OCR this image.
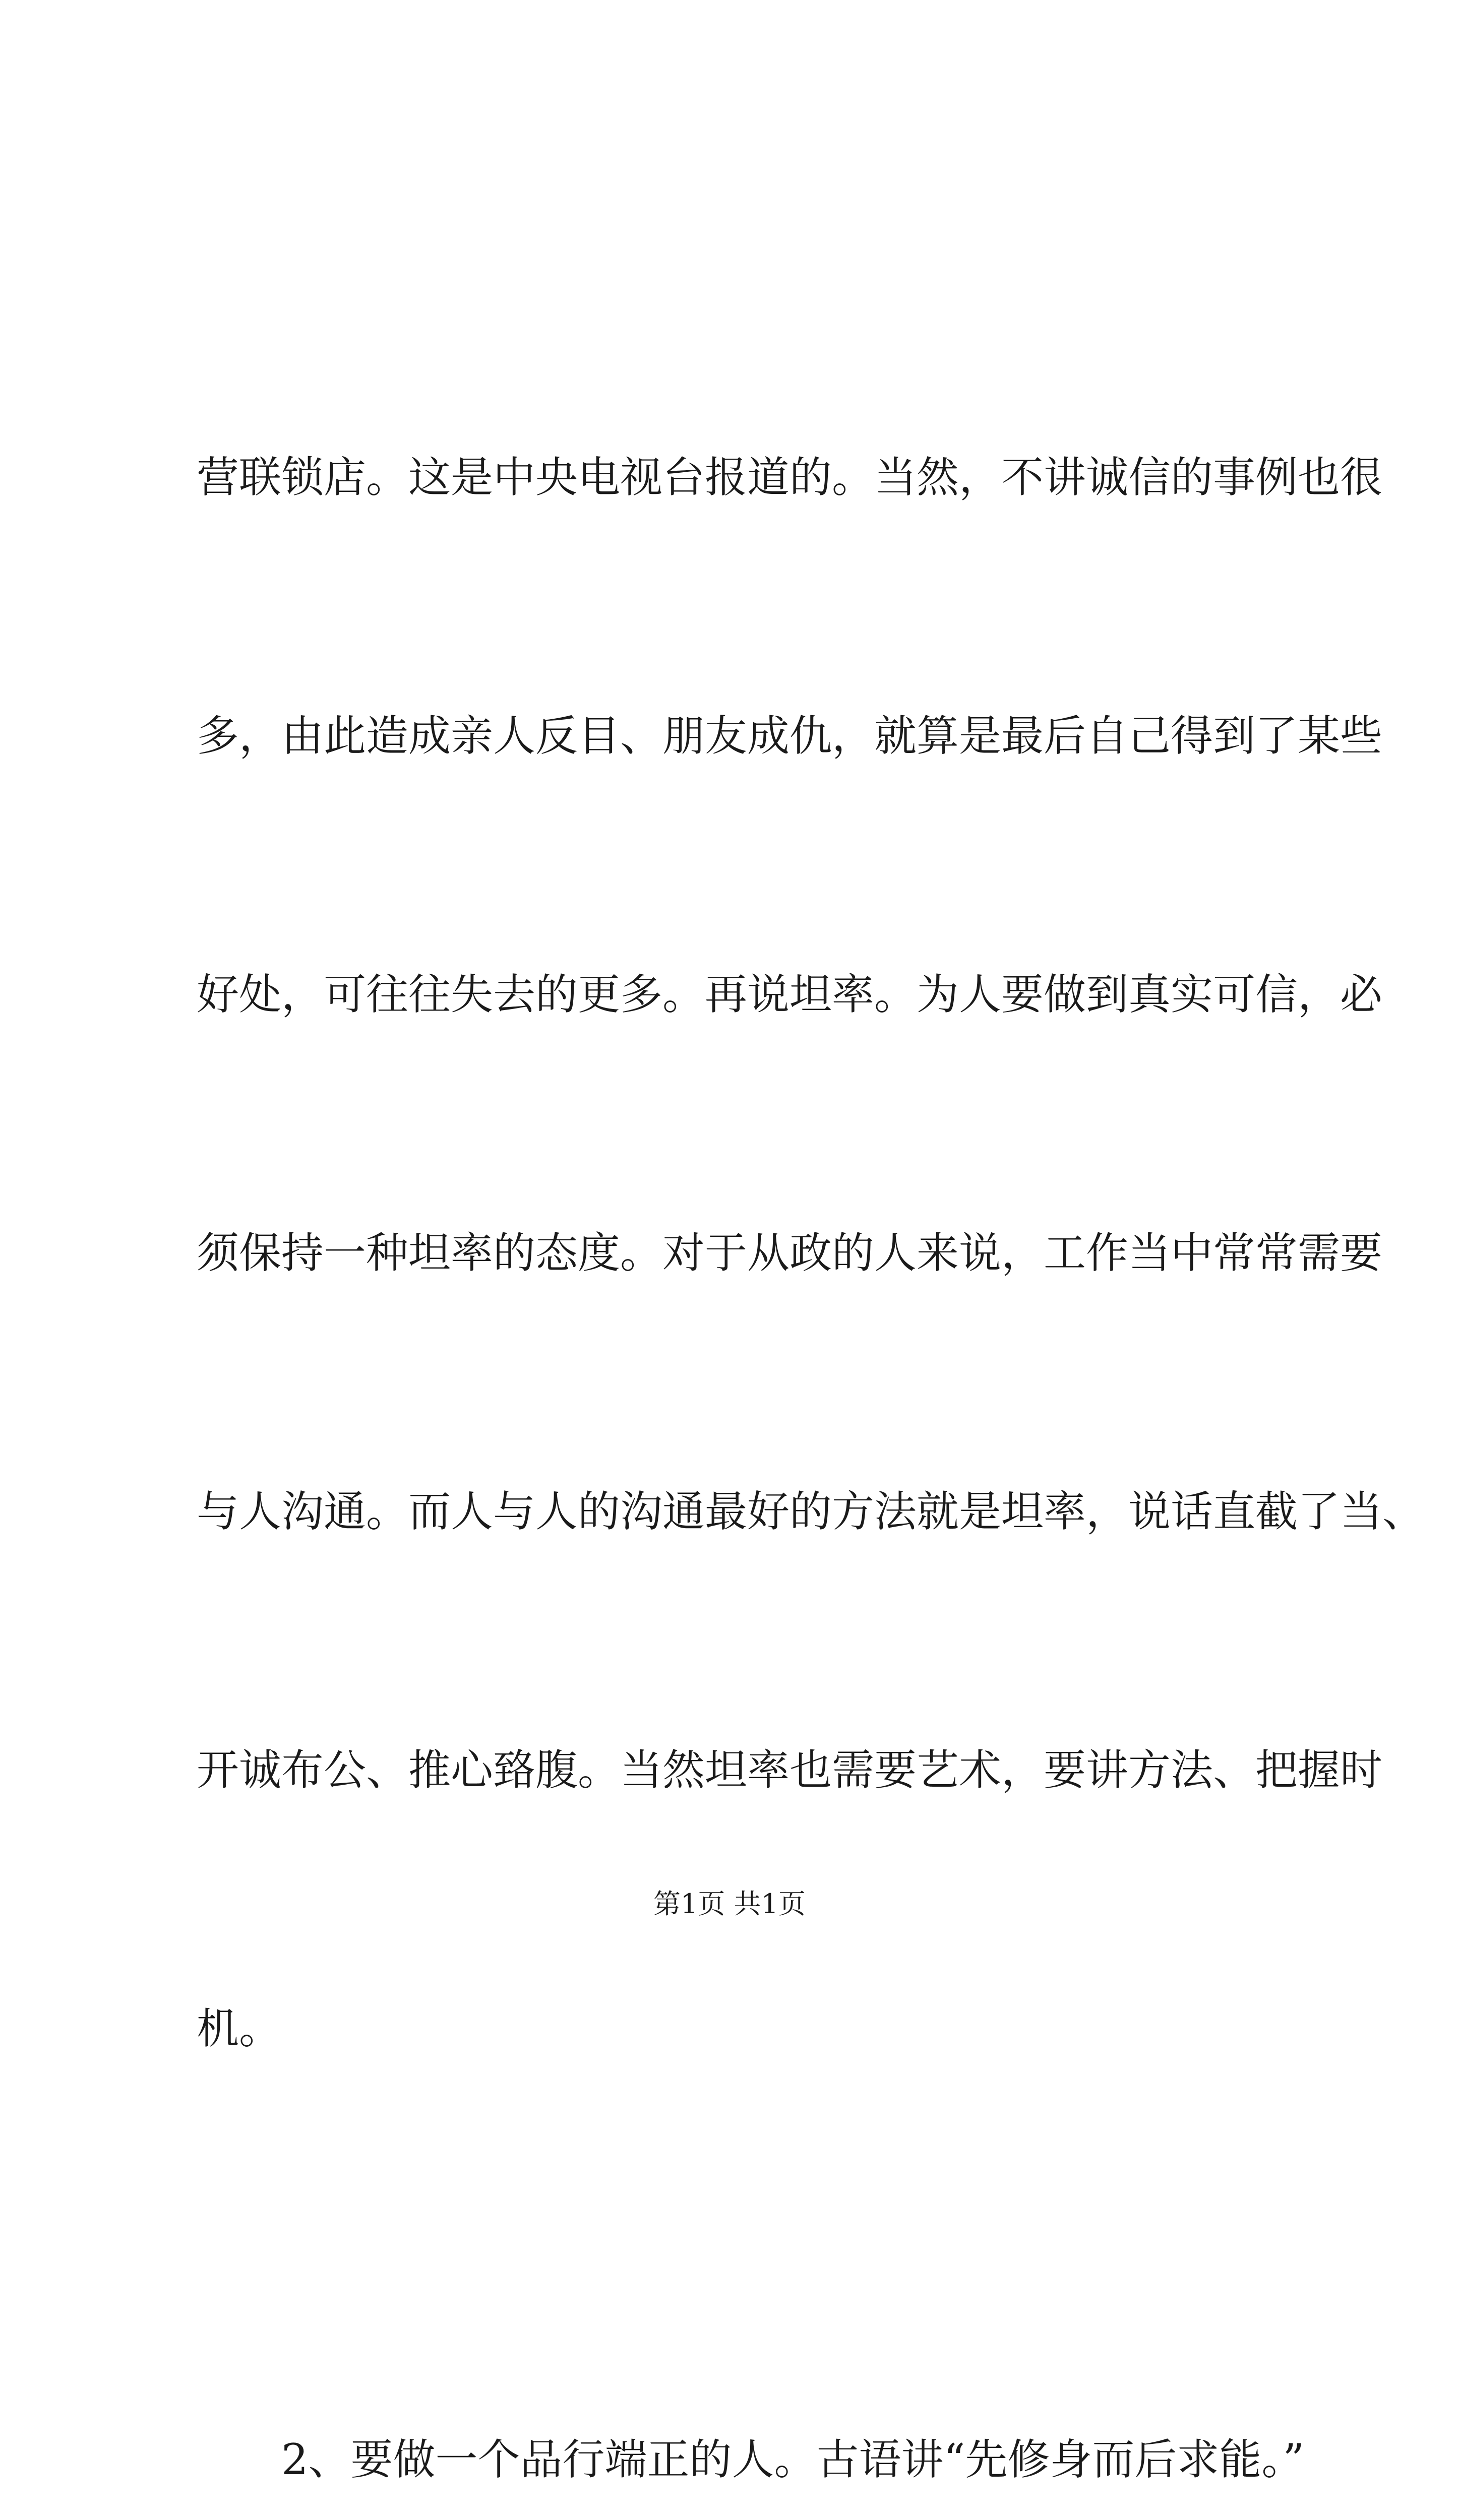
营联锁店。这是中央电视台报道的。当然，不讲诚信的事例也很

多，由此造成亲人反目、朋友成仇，就算是最后自己得到了某些

好处，可往往失去的更多。再说坦率。为人要做到真实可信，必

须保持一种坦率的态度。对于从政的人来说，工作当中常常需要

与人沟通。而人与人的沟通最好的方法就是坦率，说话直截了当、

开诚布公、推心臵腹。当然坦率也需要艺术，要讲方法、把握时

机。

2、要做一个品行端正的人。古语讲“先修身而后求能。”

第1页 共1页
